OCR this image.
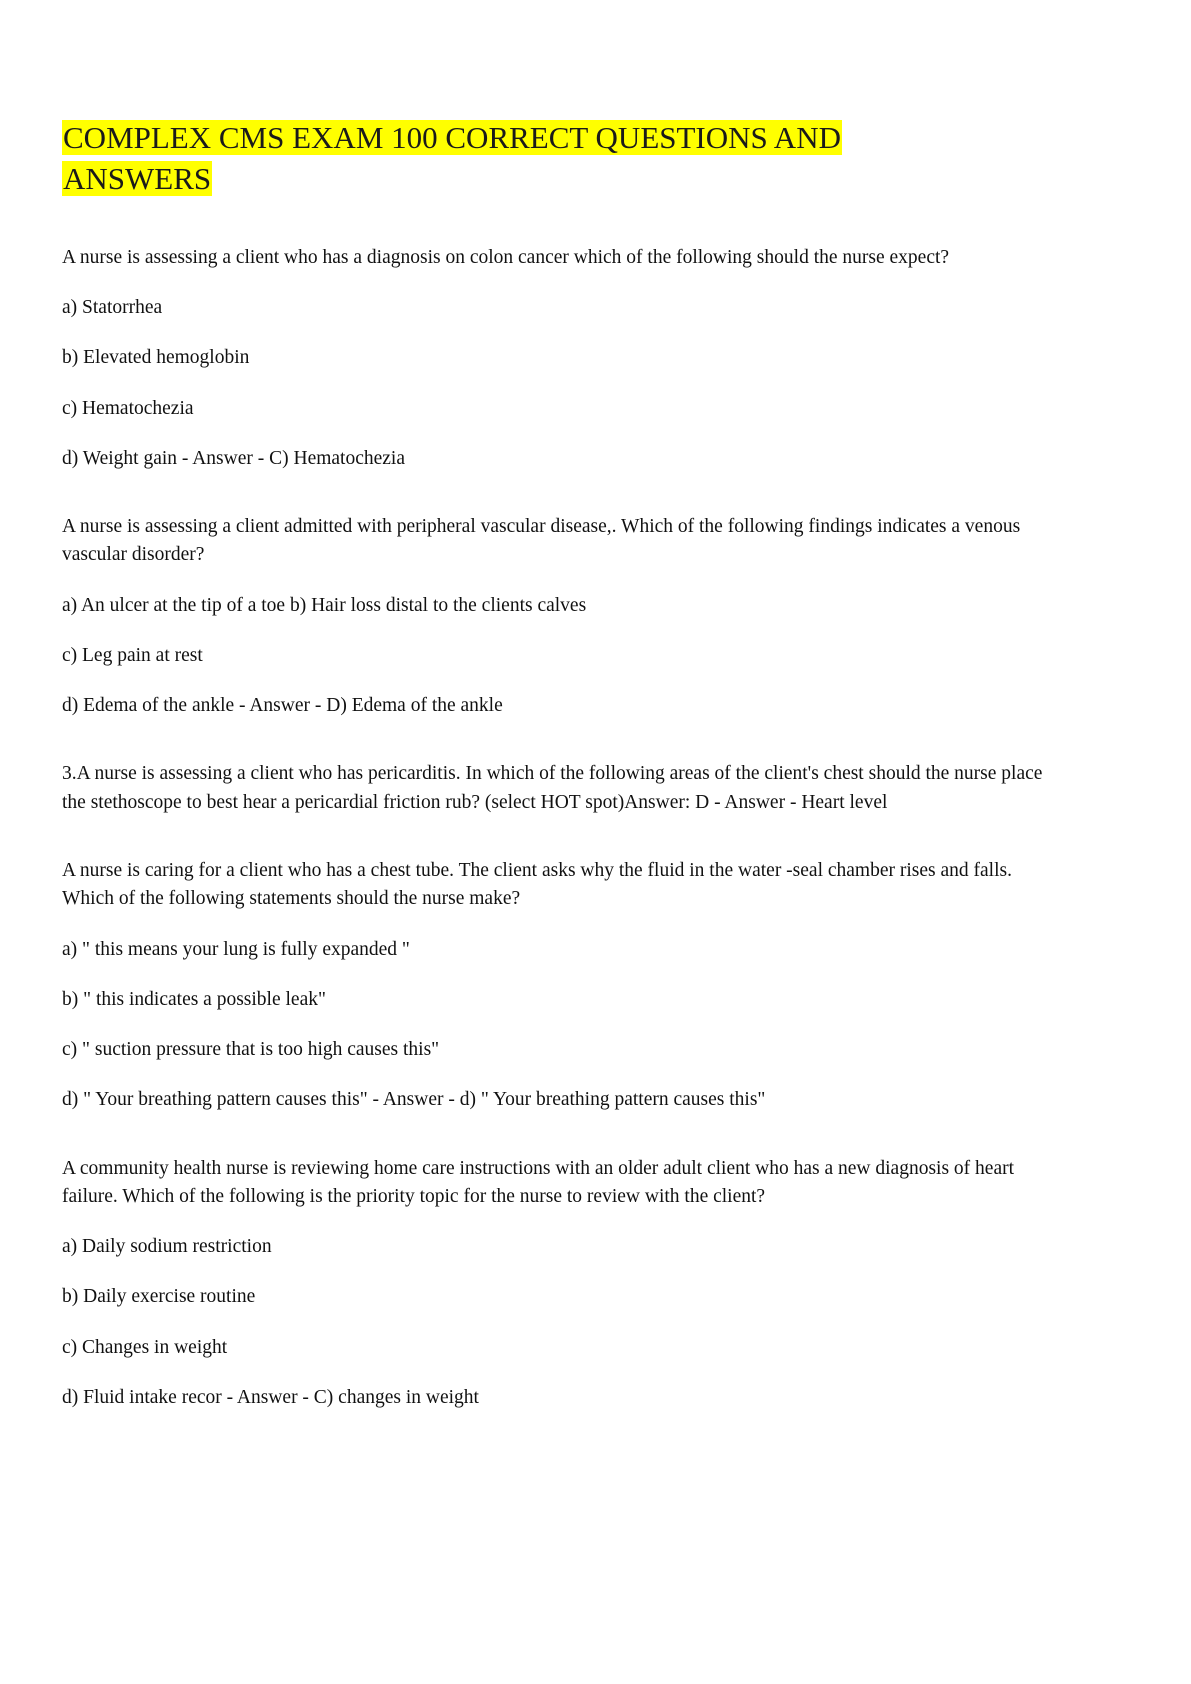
COMPLEX CMS EXAM 100 CORRECT QUESTIONS AND
ANSWERS

A nurse is assessing a client who has a diagnosis on colon cancer which of the following should the nurse expect?

a) Statorrhea

b) Elevated hemoglobin

c) Hematochezia

d) Weight gain - Answer - C) Hematochezia

A nurse is assessing a client admitted with peripheral vascular disease,. Which of the following findings indicates a venous vascular disorder?

a) An ulcer at the tip of a toe b) Hair loss distal to the clients calves

c) Leg pain at rest

d) Edema of the ankle - Answer - D) Edema of the ankle

3.A nurse is assessing a client who has pericarditis. In which of the following areas of the client's chest should the nurse place the stethoscope to best hear a pericardial friction rub? (select HOT spot)Answer: D - Answer - Heart level

A nurse is caring for a client who has a chest tube. The client asks why the fluid in the water -seal chamber rises and falls. Which of the following statements should the nurse make?

a) " this means your lung is fully expanded "

b) " this indicates a possible leak"

c) " suction pressure that is too high causes this"

d) " Your breathing pattern causes this" - Answer - d) " Your breathing pattern causes this"

A community health nurse is reviewing home care instructions with an older adult client who has a new diagnosis of heart failure. Which of the following is the priority topic for the nurse to review with the client?

a) Daily sodium restriction

b) Daily exercise routine

c) Changes in weight

d) Fluid intake recor - Answer - C) changes in weight
